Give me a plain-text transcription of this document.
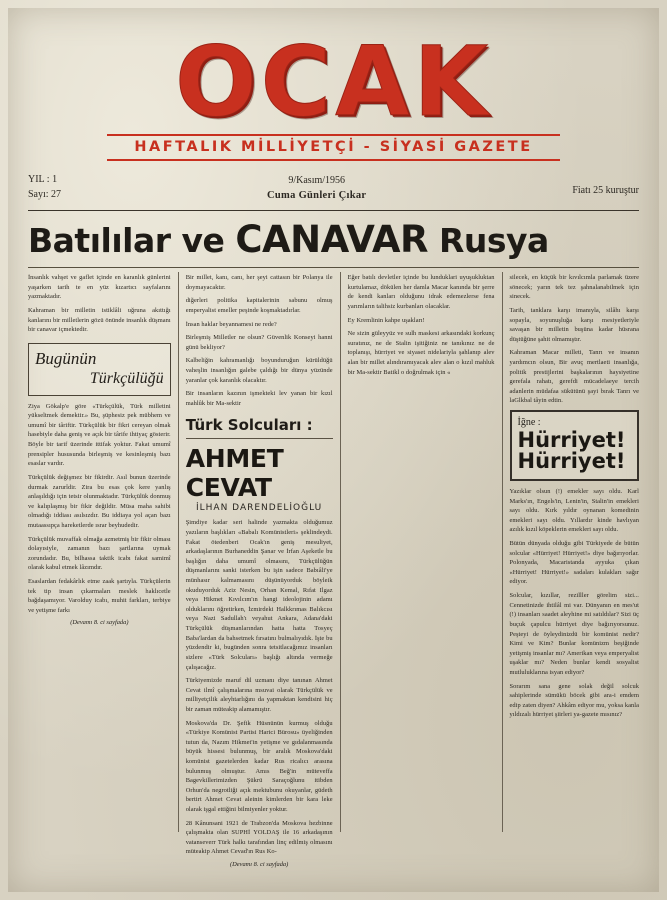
OCAK
HAFTALIK MİLLİYETÇİ - SİYASİ GAZETE
YIL : 1
Sayı: 27
9/Kasım/1956
Cuma Günleri Çıkar	Fiatı 25 kuruştur
Batılılar ve CANAVAR Rusya

İnsanlık vahşet ve gaflet içinde en karanlık günlerini yaşarken tarih te en yüz kızartıcı sayfalarını yazmaktadır.

Kahraman bir milletin istiklâli uğruna akıttığı kanlarını bir milletlerin gözü önünde insanlık düşmanı bir canavar içmektedir.

Bugünün
Türkçülüğü

Ziya Gökalp'e göre «Türkçülük, Türk milletini yükseltmek demektir.» Bu, şüphesiz pek mübhem ve umumî bir târiftir. Türkçülük bir fikri cereyan olmak hasebiyle daha geniş ve açık bir târife ihtiyaç gösterir. Böyle bir tarif üzerinde ittifak yoktur. Fakat umumî prensipler hususunda birleşmiş ve kesinleşmiş bazı esaslar vardır.

Türkçülük değişmez bir fikirdir. Asıl bunun üzerinde durmak zarurîdir. Zira bu esas çok kere yanlış anlaşıldığı için tetsir olunmaktadır. Türkçülük donmuş ve kalıplaşmış bir fikir değildir. Müsa maha sahibi olmadığı iddiası asılsızdır. Bu iddiaya yol açan bazı mutaassıpça hareketlerde ısrar beyhudedir.

Türkçülük muvaffak olmağa azmetmiş bir fikir olması dolayısiyle, zamanın bazı şartlarına uymak zorundadır. Bu, bilhassa taktik icabı fakat samimî olarak kabul etmek lâzımdır.

Esaslardan fedakârlık etme zaak şartıyla. Türkçülerin tek tip insan çıkarmaları meslek haklıcetle bağdaşamıyor. Varolduy icabı, muhit farkları, terbiye ve yetişme farkı

(Devamı 8. ci sayfada)

Bir millet, kanı, canı, her şeyi cattasın bir Polanya ile doymayacaktır.

diğerleri politika kapitalerinin sabunu olmuş emperyalist emeller peşinde koşmaktadırlar.

İnsan haklar beyannamesi ne rede?

Birleşmiş Milletler ne olsun? Güvenlik Konseyi hanni günü bekliyor?

Kalbeliğin kahramanlığı boyunduruğun kürüldüğü vaheşlin insanlığın galebe çaldığı bir dünya yüzünde yaranlar çok karanlık olacaktır.

Bir insanların kazının işmekteki lev yanan bir kızıl mahlûk bir Ma-sektir

Türk Solcuları :
AHMET CEVAT
İLHAN DARENDELİOĞLU

Şimdiye kadar seri halinde yazmakta olduğumuz yazıların başlıkları «Babalı Komünistleri» şeklindeydi. Fakat ötedenberi Ocak'ın geniş mesuliyet, arkadaşlarının Burhaneddin Şanar ve İrfan Aşeketle bu başlığın daha umumî olmasını, Türkçülüğün düşmanlarını sanki isterken bu işin sadece Babıâli'ye münhasır kalmamasını düşünüyorduk böyleik okuduyorduk Aziz Nesin, Orhan Kemal, Rıfat Ilgaz veya Hikmet Kıvılcım'ın hangi ideolojinin adamı olduklarını öğretirken, İzmirdeki Halkkrımas Balıkcısı veya Nazi Sadullah'ı veyahut Ankara, Adana'daki Türkçülük düşmanlarından hatta hatta Tosyeç Baba'lardan da bahsetmek fırsatını bulmalıyıdık. İşte bu yüzdendir ki, bugünden sonra tetsitlacağımız insanları sizlere «Türk Solcuları» başlığı altında vermeğe çalışacağız.

Türkiyemizde maruf dil uzmanı diye tanınan Ahmet Cevat ilmî çalışmalarına msuvai olarak Türkçülük ve milliyetçilik aleyhtarlığını da yapmaktan kendisini hiç bir zaman müteakip alamamıştır.

Moskova'da Dr. Şefik Hüsnünün kurmuş olduğu «Türkiye Komünist Partisi Harici Bürosu» üyeliğinden tutun da, Nazım Hikmet'in yetişme ve gıdalanmasında büyük hissesi bulunmuş, bir aralık Moskova'daki komünist gazetelerden kadar Rus ricalıcı arasına bulunmuş olmuştur. Amıs Beğ'in müteveffa Bagevkillerimizden Şükrü Saraçoğlunu itibden Orhun'da negrotliği açık mektubunu okuyanlar, güdeth bertirt Ahmet Cevat aleinin kimlerden bir kara leke olarak işgal ettiğini bilmiyenler yoktur.

28 Kânunsani 1921 de Trabzon'da Moskova hezbinne çalışmakta olan SUPHİ YOLDAŞ ile 16 arkadaşının vatanseverr Türk halkı tarafından linç edilmiş olmasını müteakip Ahmet Cevad'ın Rus Ko-

(Devamı 8. ci sayfada)

Eğer batılı devletler içinde bu lunduklari uyuşukluktan kurtulamaz, dökülen her damla Macar kanında bir şerre de kendi kanları olduğunu idrak edemezlerse fena yarımların talihsiz kurbanları olacaklar.

Ey Kremlinin kahpe uşakları!

Ne sizin güleyyüz ve sulh maskesi arkasındaki korkunç suratınız, ne de Stalin işitiğiniz ne tanıkınız ne de toplanışı, hürriyet ve siyaset nidelariyla şahlanıp alev alan bir millet alındıramıyacak alev alan o kızıl mahluk bir Ma-sektir Batikl o doğrulmak için «

silecek, en küçük bir kıvılcımla parlamak üzere sönecek; yarın tek tez şahnalanabilmek için sinecek.

Tarih, tanklara karşı imanıyla, silâhı karşı sopayla, soyunuşluğa karşı mesiyetleriyle savaşan bir milletin buşüna kadar hüsrana düştüğüne şahit olmamıştır.

Kahraman Macar milleti, Tanrı ve insanın yardımcın olsun, Bir avuç mertlaeti insanlığa, politik prestijlerini başkalarının haysiyetine gerefala rahatı, gerefdi mücadelaeye tercih adanlerin müdafaa sükütünü şayi bırak Tanrı ve laGlkbal tâyin edtin.

İğne :
Hürriyet!
Hürriyet!

Yazıklar olsun (!) emekler sayı oldu. Karl Marks'ın, Engels'in, Lenin'in, Stalin'in emekleri sayı oldu. Kırk yıldır oynanan komedinin emekleri sayı oldu. Yıllardır kinde havlıyan azılık kızıl köpeklerin emekleri sayı oldu.

Bütün dünyada olduğu gibi Türkiyede de bütün solcular «Hürriyet! Hürriyet!» diye bağırıyorlar. Polonyada, Macaristanda ayyuka çıkan «Hürriyet! Hürriyet!» sadaları kulakları sağır ediyor.

Solcular, kızıllar, rezilller görelim sizi... Cennetinizde ihtilâl mi var. Dünyanın en mes'ut (!) insanları saadet aleyhine mi satıldılar? Sizi üç buçuk çapulcu hürriyet diye bağırıyorsunuz. Peşteyi de öyleydinizdü bir komünist nedir? Kimi ve Kim? Bunlar komünizm beşiğinde yetişmiş insanlar mı? Amerikan veya emperyalist uşaklar mı? Neden bunlar kendi sosyalist mutluluklarına isyan ediyor?

Sorarım sana gene solak değil solcuk sahiplerinde sümükü böcek gibi ara-i emdem edip zaten diyen? Ahkâm ediyor mu, yoksa kanla yıldızalı hürriyet şiirleri ya-gazete mısınız?
